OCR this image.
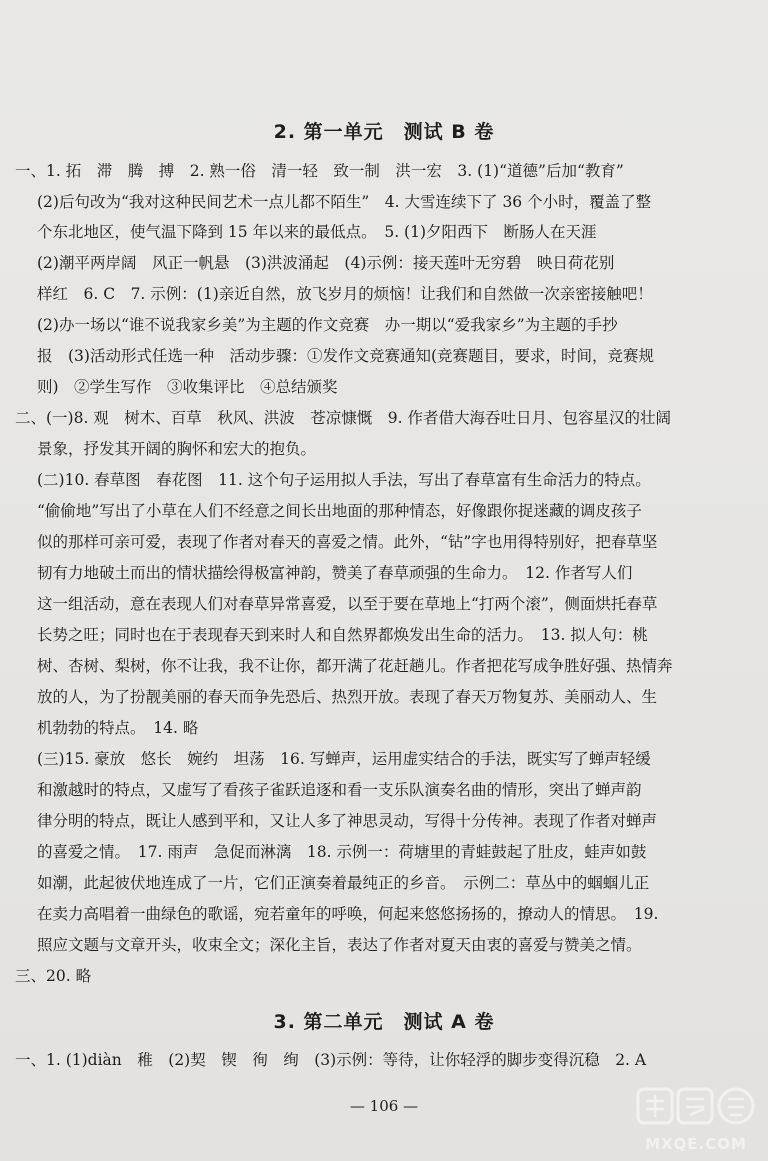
2. 第一单元　测试 B 卷
一、1. 拓　滞　腾　搏　2. 熟一俗　清一轻　致一制　洪一宏　3. (1)“道德”后加“教育”
(2)后句改为“我对这种民间艺术一点儿都不陌生”　4. 大雪连续下了 36 个小时，覆盖了整
个东北地区，使气温下降到 15 年以来的最低点。　5. (1)夕阳西下　断肠人在天涯
(2)潮平两岸阔　风正一帆悬　(3)洪波涌起　(4)示例：接天莲叶无穷碧　映日荷花别
样红　6. C　7. 示例：(1)亲近自然，放飞岁月的烦恼！让我们和自然做一次亲密接触吧！
(2)办一场以“谁不说我家乡美”为主题的作文竞赛　办一期以“爱我家乡”为主题的手抄
报　(3)活动形式任选一种　活动步骤：①发作文竞赛通知(竞赛题目，要求，时间，竞赛规
则)　②学生写作　③收集评比　④总结颁奖
二、(一)8. 观　树木、百草　秋风、洪波　苍凉慷慨　9. 作者借大海吞吐日月、包容星汉的壮阔
景象，抒发其开阔的胸怀和宏大的抱负。
(二)10. 春草图　春花图　11. 这个句子运用拟人手法，写出了春草富有生命活力的特点。
“偷偷地”写出了小草在人们不经意之间长出地面的那种情态，好像跟你捉迷藏的调皮孩子
似的那样可亲可爱，表现了作者对春天的喜爱之情。此外，“钻”字也用得特别好，把春草坚
韧有力地破土而出的情状描绘得极富神韵，赞美了春草顽强的生命力。　12. 作者写人们
这一组活动，意在表现人们对春草异常喜爱，以至于要在草地上“打两个滚”，侧面烘托春草
长势之旺；同时也在于表现春天到来时人和自然界都焕发出生命的活力。　13. 拟人句：桃
树、杏树、梨树，你不让我，我不让你，都开满了花赶趟儿。作者把花写成争胜好强、热情奔
放的人，为了扮靓美丽的春天而争先恐后、热烈开放。表现了春天万物复苏、美丽动人、生
机勃勃的特点。　14. 略
(三)15. 豪放　悠长　婉约　坦荡　16. 写蝉声，运用虚实结合的手法，既实写了蝉声轻缓
和激越时的特点，又虚写了看孩子雀跃追逐和看一支乐队演奏名曲的情形，突出了蝉声韵
律分明的特点，既让人感到平和，又让人多了神思灵动，写得十分传神。表现了作者对蝉声
的喜爱之情。　17. 雨声　急促而淋漓　18. 示例一：荷塘里的青蛙鼓起了肚皮，蛙声如鼓
如潮，此起彼伏地连成了一片，它们正演奏着最纯正的乡音。　示例二：草丛中的蝈蝈儿正
在卖力高唱着一曲绿色的歌谣，宛若童年的呼唤，何起来悠悠扬扬的，撩动人的情思。　19.
照应文题与文章开头，收束全文；深化主旨，表达了作者对夏天由衷的喜爱与赞美之情。
三、20. 略
3. 第二单元　测试 A 卷
一、1. (1)diàn　稚　(2)契　锲　徇　绚　(3)示例：等待，让你轻浮的脚步变得沉稳　2. A
— 106 —
MXQE.COM
